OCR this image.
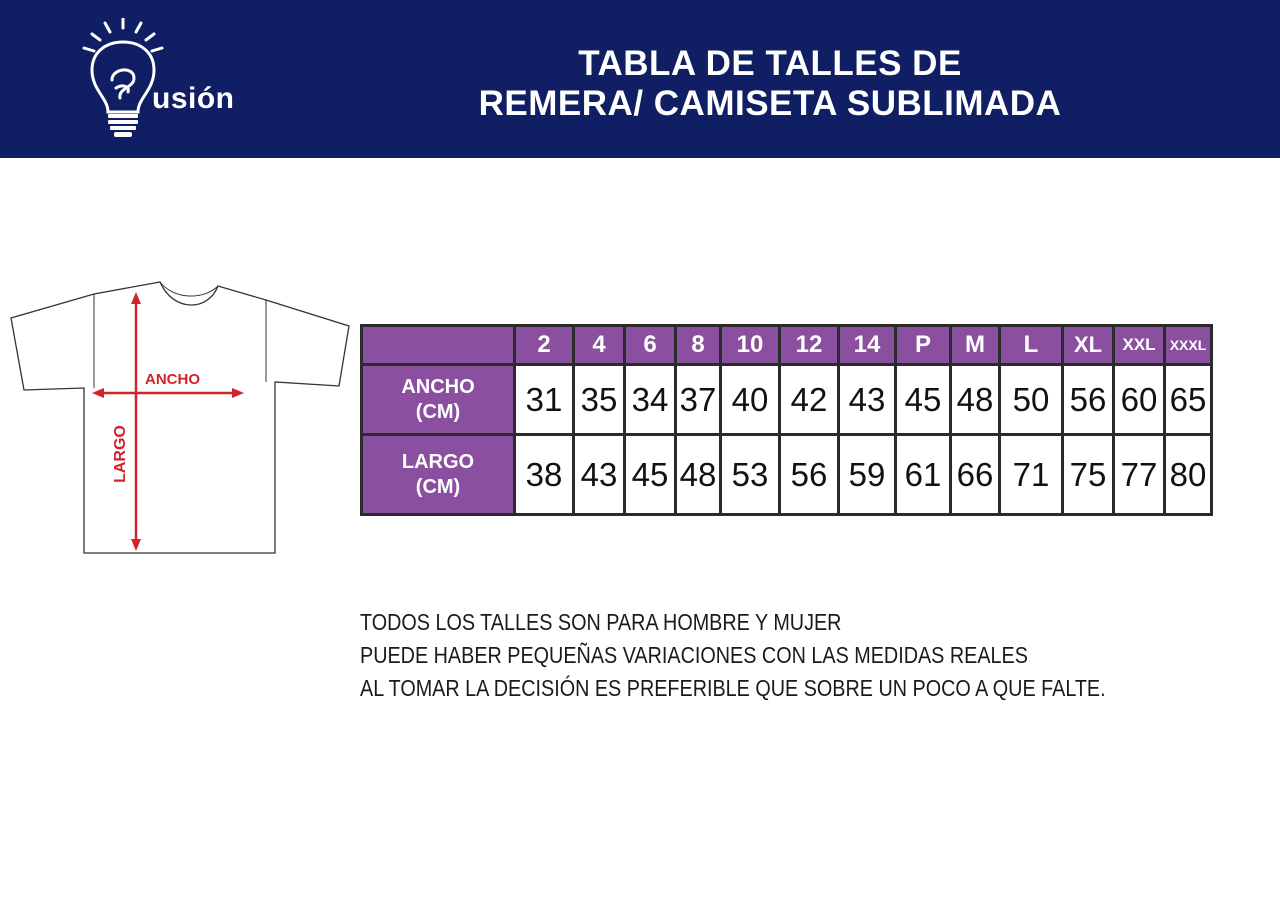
usión
TABLA DE TALLES DE
REMERA/ CAMISETA SUBLIMADA
ANCHO
LARGO
	2	4	6	8	10	12	14	P	M	L	XL	XXL	XXXL

ANCHO
(CM)	31	35	34	37	40	42	43	45	48	50	56	60	65

LARGO
(CM)	38	43	45	48	53	56	59	61	66	71	75	77	80
TODOS LOS TALLES SON PARA HOMBRE Y MUJER
PUEDE HABER PEQUEÑAS VARIACIONES CON LAS MEDIDAS REALES
AL TOMAR LA DECISIÓN ES PREFERIBLE QUE SOBRE UN POCO A QUE FALTE.
